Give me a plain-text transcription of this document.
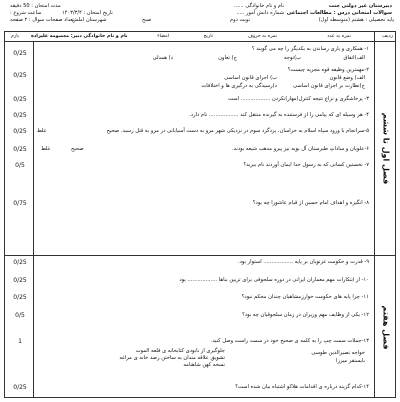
نام و نام خانوادگی ......	دبیرستان غیر دولتی جنت
مدت امتحان : 50 دقیقه
شماره دانش آموز ..... سوالات امتحانی درس : مطالعات اجتماعی
ساعت شروع :	تاریخ امتحان : ۱۴۰۳/۳/۴
پایه تحصیلی : هشتم (متوسطه اول)
نوبت دوم
شهرستان املش
تعداد صفحات سوال : ۲ صفحه	صبح
ردیف
نمره به عدد
نمره به حروف
تاریخ
امضاء
نام و نام خانوادگی دبیر: معصومه علیزاده
بارم
فصل اول تا ششم
فصل هفتم
۱- همکاری و یاری رساندن به یکدیگر را چه می گویند ؟
الف)اتفاق
ب)توجه
ج) تعاون
د) همدلی
0/25
۲-مهمترین وظیفه قوه مجریه چیست؟
الف) وضع قانون
ب) اجرای قانون اساسی
ج)نظارت بر اجرای قانون اساسی
د)رسیدگی به درگیری ها و اختلافات
0/25
۳- پرخاشگری و نزاع نتیجه کنترل(مهار)نکردن .................. است
0/25
۴- هر وسیله ای که پیامی را از فرستنده به گیرنده منتقل کند .................. نام دارد.
0/25
۵-سرانجام با ورود سپاه اسلام به خراسان، یزدگرد سوم در نزدیکی شهر مرو به دست آسیابانی در مرو به قتل رسید. صحیح
غلط
0/25
۶-علویان و ساداتِ طبرستان آل بویه نیز پیرو مذهب شیعه بودند.
صحیح
غلط
0/25
۷- نخستین کسانی که به رسول خدا ایمان آوردند نام ببرید؟
0/5
۸- انگیزه و اهداف امام حسین از قیام عاشورا چه بود؟
0/75
۹- قدرت و حکومت غزنویان بر پایه .................. استوار بود.
0/25
۱۰- از ابتکارات مهم معماران ایرانی در دوره سلجوقی برای تزیین بناها .................. بود
0/25
۱۱- چرا پایه های حکومت خوارزمشاهیان چندان محکم نبود؟
0/25
۱۲- یکی از وظایف مهم وزیران در زمان سلجوقیان چه بود؟
0/5
۱۳-جملات سمت چپ را به کلمه ی صحیح خود در سمت راست وصل کنید.
1
خواجه نصیرالدین طوسی
بایسنقر میرزا
جلوگیری از نابودی کتابخانه ی قلعه الموت
تشویق علاقه مندان به ساختن رصد خانه ی مراغه
نسخه کهن شاهنامه
۱۴-کدام گزینه درباره ی اقدامات هلاکو اشتباه بیان شده است؟
0/25
